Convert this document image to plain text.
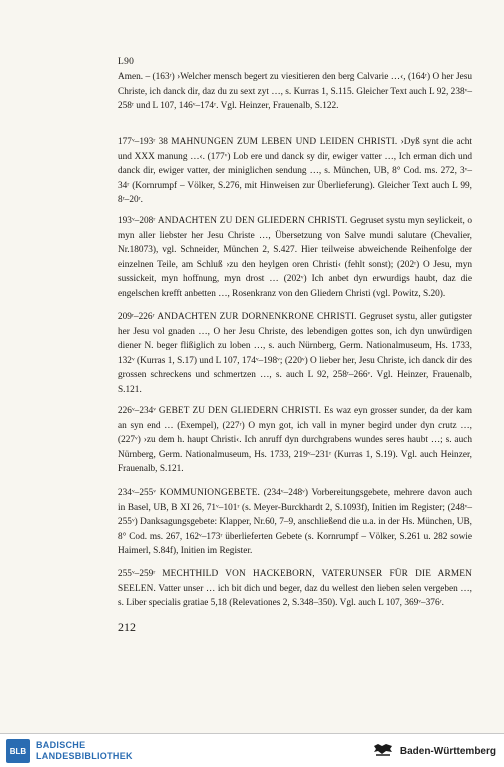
L90
Amen. – (163ʳ) ›Welcher mensch begert zu viesitieren den berg Calvarie …‹, (164ʳ) O her Jesu Christe, ich danck dir, daz du zu sext zyt …, s. Kurras 1, S.115. Gleicher Text auch L 92, 238ᵛ–258ʳ und L 107, 146ᵛ–174ʳ. Vgl. Heinzer, Frauenalb, S.122.
177ᵛ–193ʳ 38 MAHNUNGEN ZUM LEBEN UND LEIDEN CHRISTI. ›Dyß synt die acht und XXX manung …‹. (177ᵛ) Lob ere und danck sy dir, ewiger vatter …, Ich erman dich und danck dir, ewiger vatter, der miniglichen sendung …, s. München, UB, 8° Cod. ms. 272, 3ᵛ–34ʳ (Kornrumpf – Völker, S.276, mit Hinweisen zur Überlieferung). Gleicher Text auch L 99, 8ʳ–20ʳ.
193ᵛ–208ʳ ANDACHTEN ZU DEN GLIEDERN CHRISTI. Gegruset systu myn seylickeit, o myn aller liebster her Jesu Christe …, Übersetzung von Salve mundi salutare (Chevalier, Nr.18073), vgl. Schneider, München 2, S.427. Hier teilweise abweichende Reihenfolge der einzelnen Teile, am Schluß ›zu den heylgen oren Christi‹ (fehlt sonst); (202ʳ) O Jesu, myn sussickeit, myn hoffnung, myn drost … (202ᵛ) Ich anbet dyn erwurdigs haubt, daz die engelschen krefft anbetten …, Rosenkranz von den Gliedern Christi (vgl. Powitz, S.20).
209ʳ–226ʳ ANDACHTEN ZUR DORNENKRONE CHRISTI. Gegruset systu, aller gutigster her Jesu vol gnaden …, O her Jesu Christe, des lebendigen gottes son, ich dyn unwürdigen diener N. beger flißiglich zu loben …, s. auch Nürnberg, Germ. Nationalmuseum, Hs. 1733, 132ᵛ (Kurras 1, S.17) und L 107, 174ᵛ–198ᵛ; (220ᵛ) O lieber her, Jesu Christe, ich danck dir des grossen schreckens und schmertzen …, s. auch L 92, 258ʳ–266ᵛ. Vgl. Heinzer, Frauenalb, S.121.
226ᵛ–234ᵛ GEBET ZU DEN GLIEDERN CHRISTI. Es waz eyn grosser sunder, da der kam an syn end … (Exempel), (227ʳ) O myn got, ich vall in myner begird under dyn crutz …, (227ᵛ) ›zu dem h. haupt Christi‹. Ich anruff dyn durchgrabens wundes seres haubt …; s. auch Nürnberg, Germ. Nationalmuseum, Hs. 1733, 219ᵛ–231ʳ (Kurras 1, S.19). Vgl. auch Heinzer, Frauenalb, S.121.
234ᵛ–255ᵛ KOMMUNIONGEBETE. (234ᵛ–248ᵛ) Vorbereitungsgebete, mehrere davon auch in Basel, UB, B XI 26, 71ᵛ–101ʳ (s. Meyer-Burckhardt 2, S.1093f), Initien im Register; (248ᵛ–255ᵛ) Danksagungsgebete: Klapper, Nr.60, 7–9, anschließend die u.a. in der Hs. München, UB, 8° Cod. ms. 267, 162ᵛ–173ʳ überlieferten Gebete (s. Kornrumpf – Völker, S.261 u. 282 sowie Haimerl, S.84f), Initien im Register.
255ᵛ–259ʳ MECHTHILD VON HACKEBORN, VATERUNSER FÜR DIE ARMEN SEELEN. Vatter unser … ich bit dich und beger, daz du wellest den lieben selen vergeben …, s. Liber specialis gratiae 5,18 (Relevationes 2, S.348–350). Vgl. auch L 107, 369ᵛ–376ʳ.
212
BLB
BADISCHE
LANDESBIBLIOTHEK	Baden-Württemberg
